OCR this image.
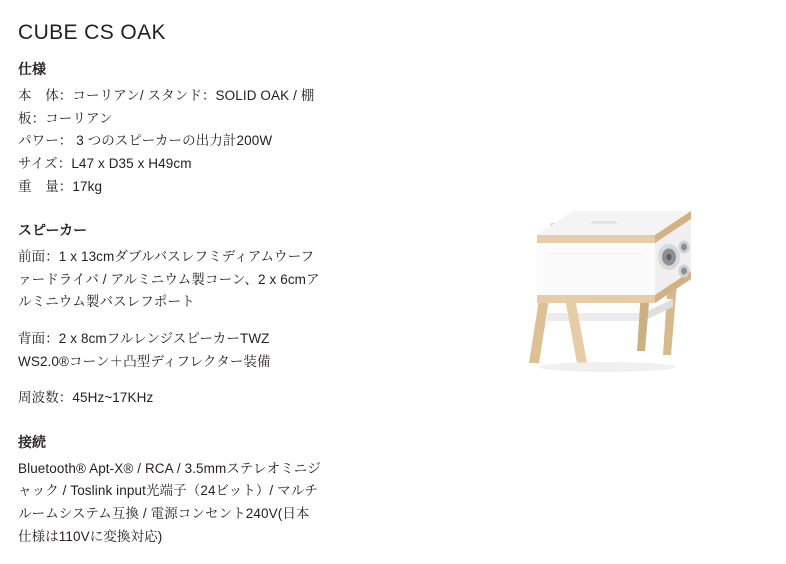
CUBE CS OAK
仕様
本　体：コーリアン/ スタンド：SOLID OAK / 棚
板：コーリアン
パワー： 3 つのスピーカーの出力計200W
サイズ：L47 x D35 x H49cm
重　量：17kg
スピーカー
前面：1 x 13cmダブルバスレフミディアムウーフ
ァードライバ / アルミニウム製コーン、2 x 6cmア
ルミニウム製バスレフポート
背面：2 x 8cmフルレンジスピーカーTWZ
WS2.0®コーン＋凸型ディフレクター装備
周波数：45Hz~17KHz
接続
Bluetooth® Apt-X® / RCA / 3.5mmステレオミニジ
ャック / Toslink input光端子（24ビット）/ マルチ
ルームシステム互換 / 電源コンセント240V(日本
仕様は110Vに変換対応)
